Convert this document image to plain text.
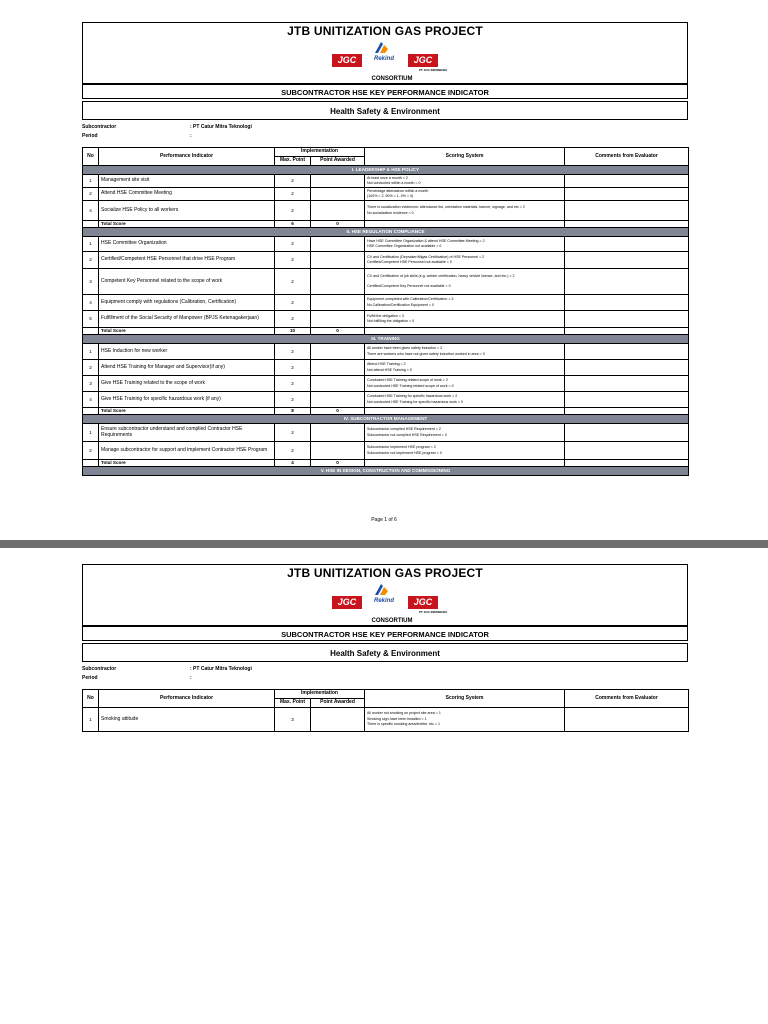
JTB UNITIZATION GAS PROJECT
JGC	Rekind	JGC
PT JGC INDONESIA
CONSORTIUM
SUBCONTRACTOR HSE KEY PERFORMANCE INDICATOR
Health Safety & Environment
Subcontractor	: PT Catur Mitra Teknologi
Period	:
No	Performance Indicator	Implementation		Scoring System	Comments from Evaluator
		Max. Point	Point Awarded		
I. LEADERSHIP & HSE POLICY					
1	Management site visit	2		At least once a month = 2
Not conducted within a month = 0	

2	Attend HSE Committee Meeting	2		Percentage attendance within a month
(100% = 2, 50% = 1, 0% = 0)	

4	Socialize HSE Policy to all workers	2		There is socialization evidences: attendance list, orientation materials, banner, signage, and etc = 2
No socialization evidence = 0	

	Total Score	6	0		
II. HSE REGULATION COMPLIANCE					
1	HSE Committee Organization	2		Have HSE Committee Organization & attend HSE Committee Meeting = 2
HSE Committee Organization not available = 0	

2	Certified/Competent HSE Personnel that drive HSE Program	2		CV and Certification (Depnaker/Migas Certification) of HSE Personnel = 2
Certified/Competent HSE Personnel not available = 0	

3	Competent Key Personnel related to the scope of work	2		CV and Certification of job skills (e.g. welder certification, heavy vehicle license, and etc.) = 2
Certified/Competent Key Personnel not available = 0	

4	Equipment comply with regulations (Calibration, Certification)	2		Equipment completed with Calibration/Certification = 3
No Calibration/Certification Equipment = 0	

5	Fulfillment of the Social Security of Manpower (BPJS Ketenagakerjaan)	2		Fulfill the obligation = 3
Not fulfilling the obligation = 0	

	Total Score	10	0		
III. TRAINING					
1	HSE Induction for new worker	2		All worker have been given safety induction = 2
There are workers who have not given safety induction worked in area = 0	

2	Attend HSE Training for Manager and Supervisor(if any)	2		Attend HSE Training = 2
Not attend HSE Training = 0	

3	Give HSE Training related to the scope of work	2		Conducted HSE Training related scope of work = 2
Not conducted HSE Training related scope of work = 0	

4	Give HSE Training for specific hazardous work (if any)	2		Conducted HSE Training for specific hazardous work = 2
Not conducted HSE Training for specific hazardous work = 0	

	Total Score	8	0		
IV. SUBCONTRACTOR MANAGEMENT					
1	Ensure subcontractor understand and complied Contractor HSE Requirements	2		Subcontractor complied HSE Requirement = 2
Subcontractor not complied HSE Requirement = 0	

2	Manage subcontractor for support and implement Contractor HSE Program	2		Subcontractor implement HSE program = 2
Subcontractor not implement HSE program = 0	

	Total Score	4	0		
V. HSE IN DESIGN, CONSTRUCTION AND COMMISSIONING					
Page 1 of 6
JTB UNITIZATION GAS PROJECT
JGC	Rekind	JGC
PT JGC INDONESIA
CONSORTIUM
SUBCONTRACTOR HSE KEY PERFORMANCE INDICATOR
Health Safety & Environment
Subcontractor	: PT Catur Mitra Teknologi
Period	:
No	Performance Indicator	Implementation		Scoring System	Comments from Evaluator
		Max. Point	Point Awarded		
1	Smoking attitude	3		All worker not smoking on project site area = 1
Smoking sign have been installed = 1
There is specific smoking area/shelter, etc = 1	
